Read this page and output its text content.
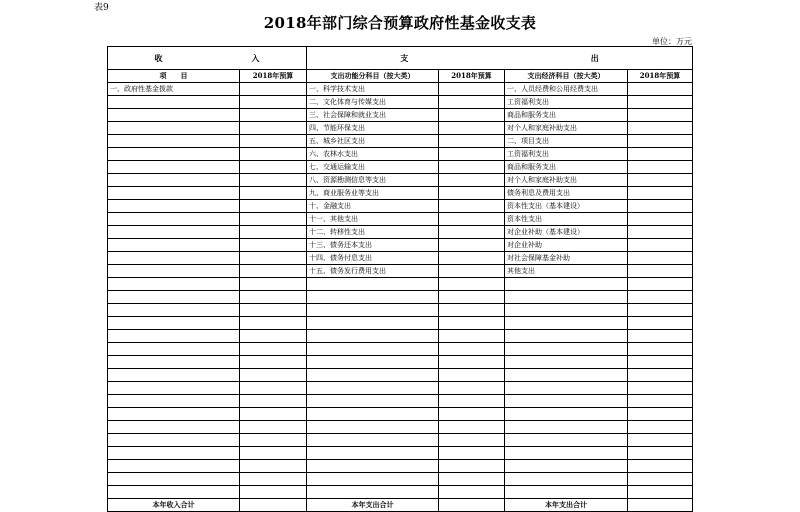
表9
2018年部门综合预算政府性基金收支表
单位：万元
收 入		支 出			

项　　目	2018年预算	支出功能分科目（按大类）	2018年预算	支出经济科目（按大类）	2018年预算
一、政府性基金拨款		一、科学技术支出		一、人员经费和公用经费支出	
		二、文化体育与传媒支出		工资福利支出	
		三、社会保障和就业支出		商品和服务支出	
		四、节能环保支出		对个人和家庭补助支出	
		五、城乡社区支出		二、项目支出	
		六、农林水支出		工资福利支出	
		七、交通运输支出		商品和服务支出	
		八、资源勘测信息等支出		对个人和家庭补助支出	
		九、商业服务业等支出		债务利息及费用支出	
		十、金融支出		资本性支出（基本建设）	
		十一、其他支出		资本性支出	
		十二、转移性支出		对企业补助（基本建设）	
		十三、债务还本支出		对企业补助	
		十四、债务付息支出		对社会保障基金补助	
		十五、债务发行费用支出		其他支出	

本年收入合计		本年支出合计		本年支出合计	
